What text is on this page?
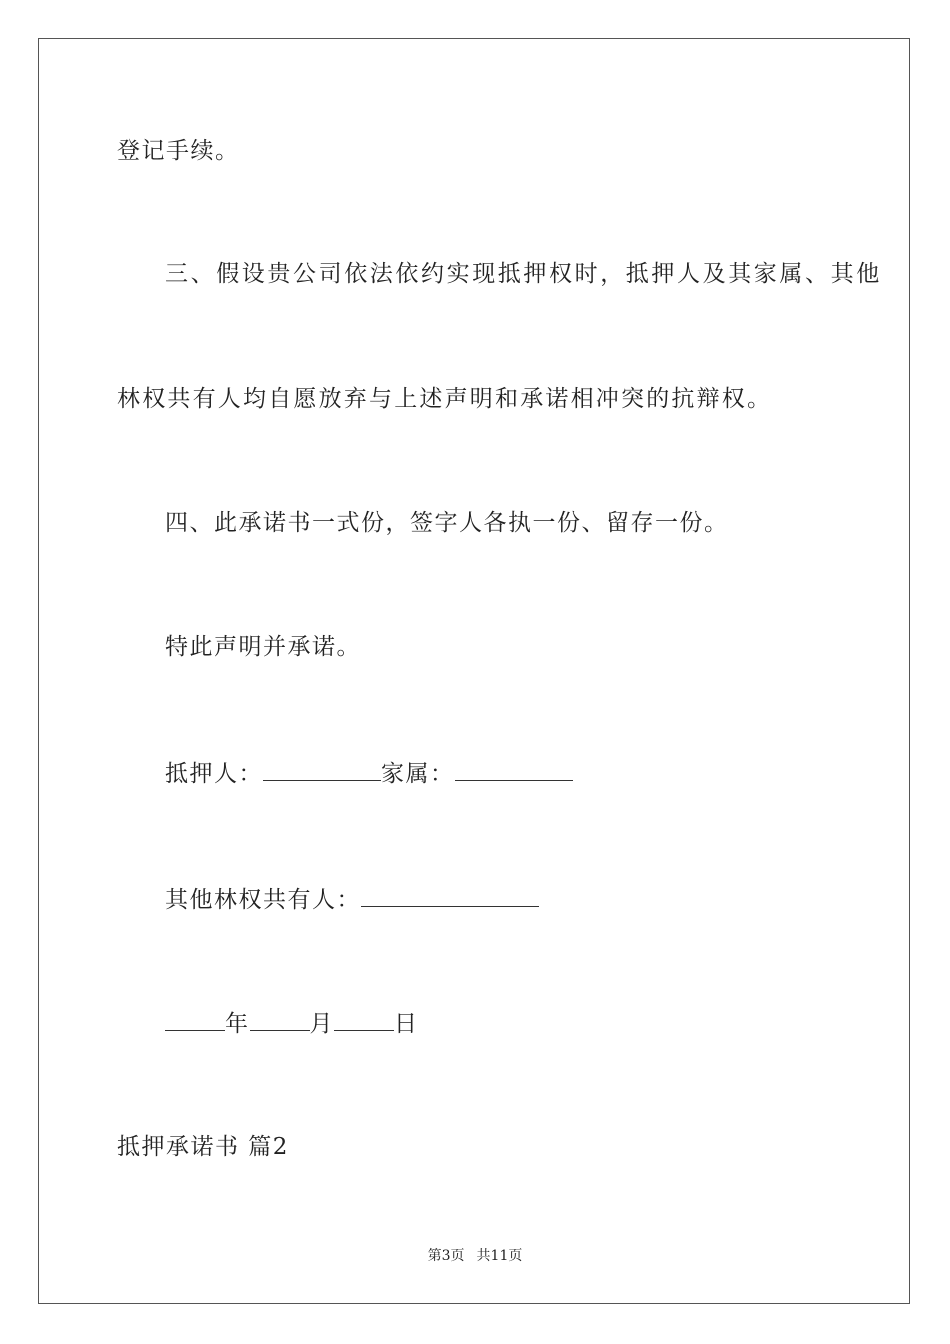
登记手续。
三、假设贵公司依法依约实现抵押权时，抵押人及其家属、其他
林权共有人均自愿放弃与上述声明和承诺相冲突的抗辩权。
四、此承诺书一式份，签字人各执一份、留存一份。
特此声明并承诺。
抵押人：	家属：
其他林权共有人：
年	月	日
抵押承诺书 篇2
第3页 共11页
